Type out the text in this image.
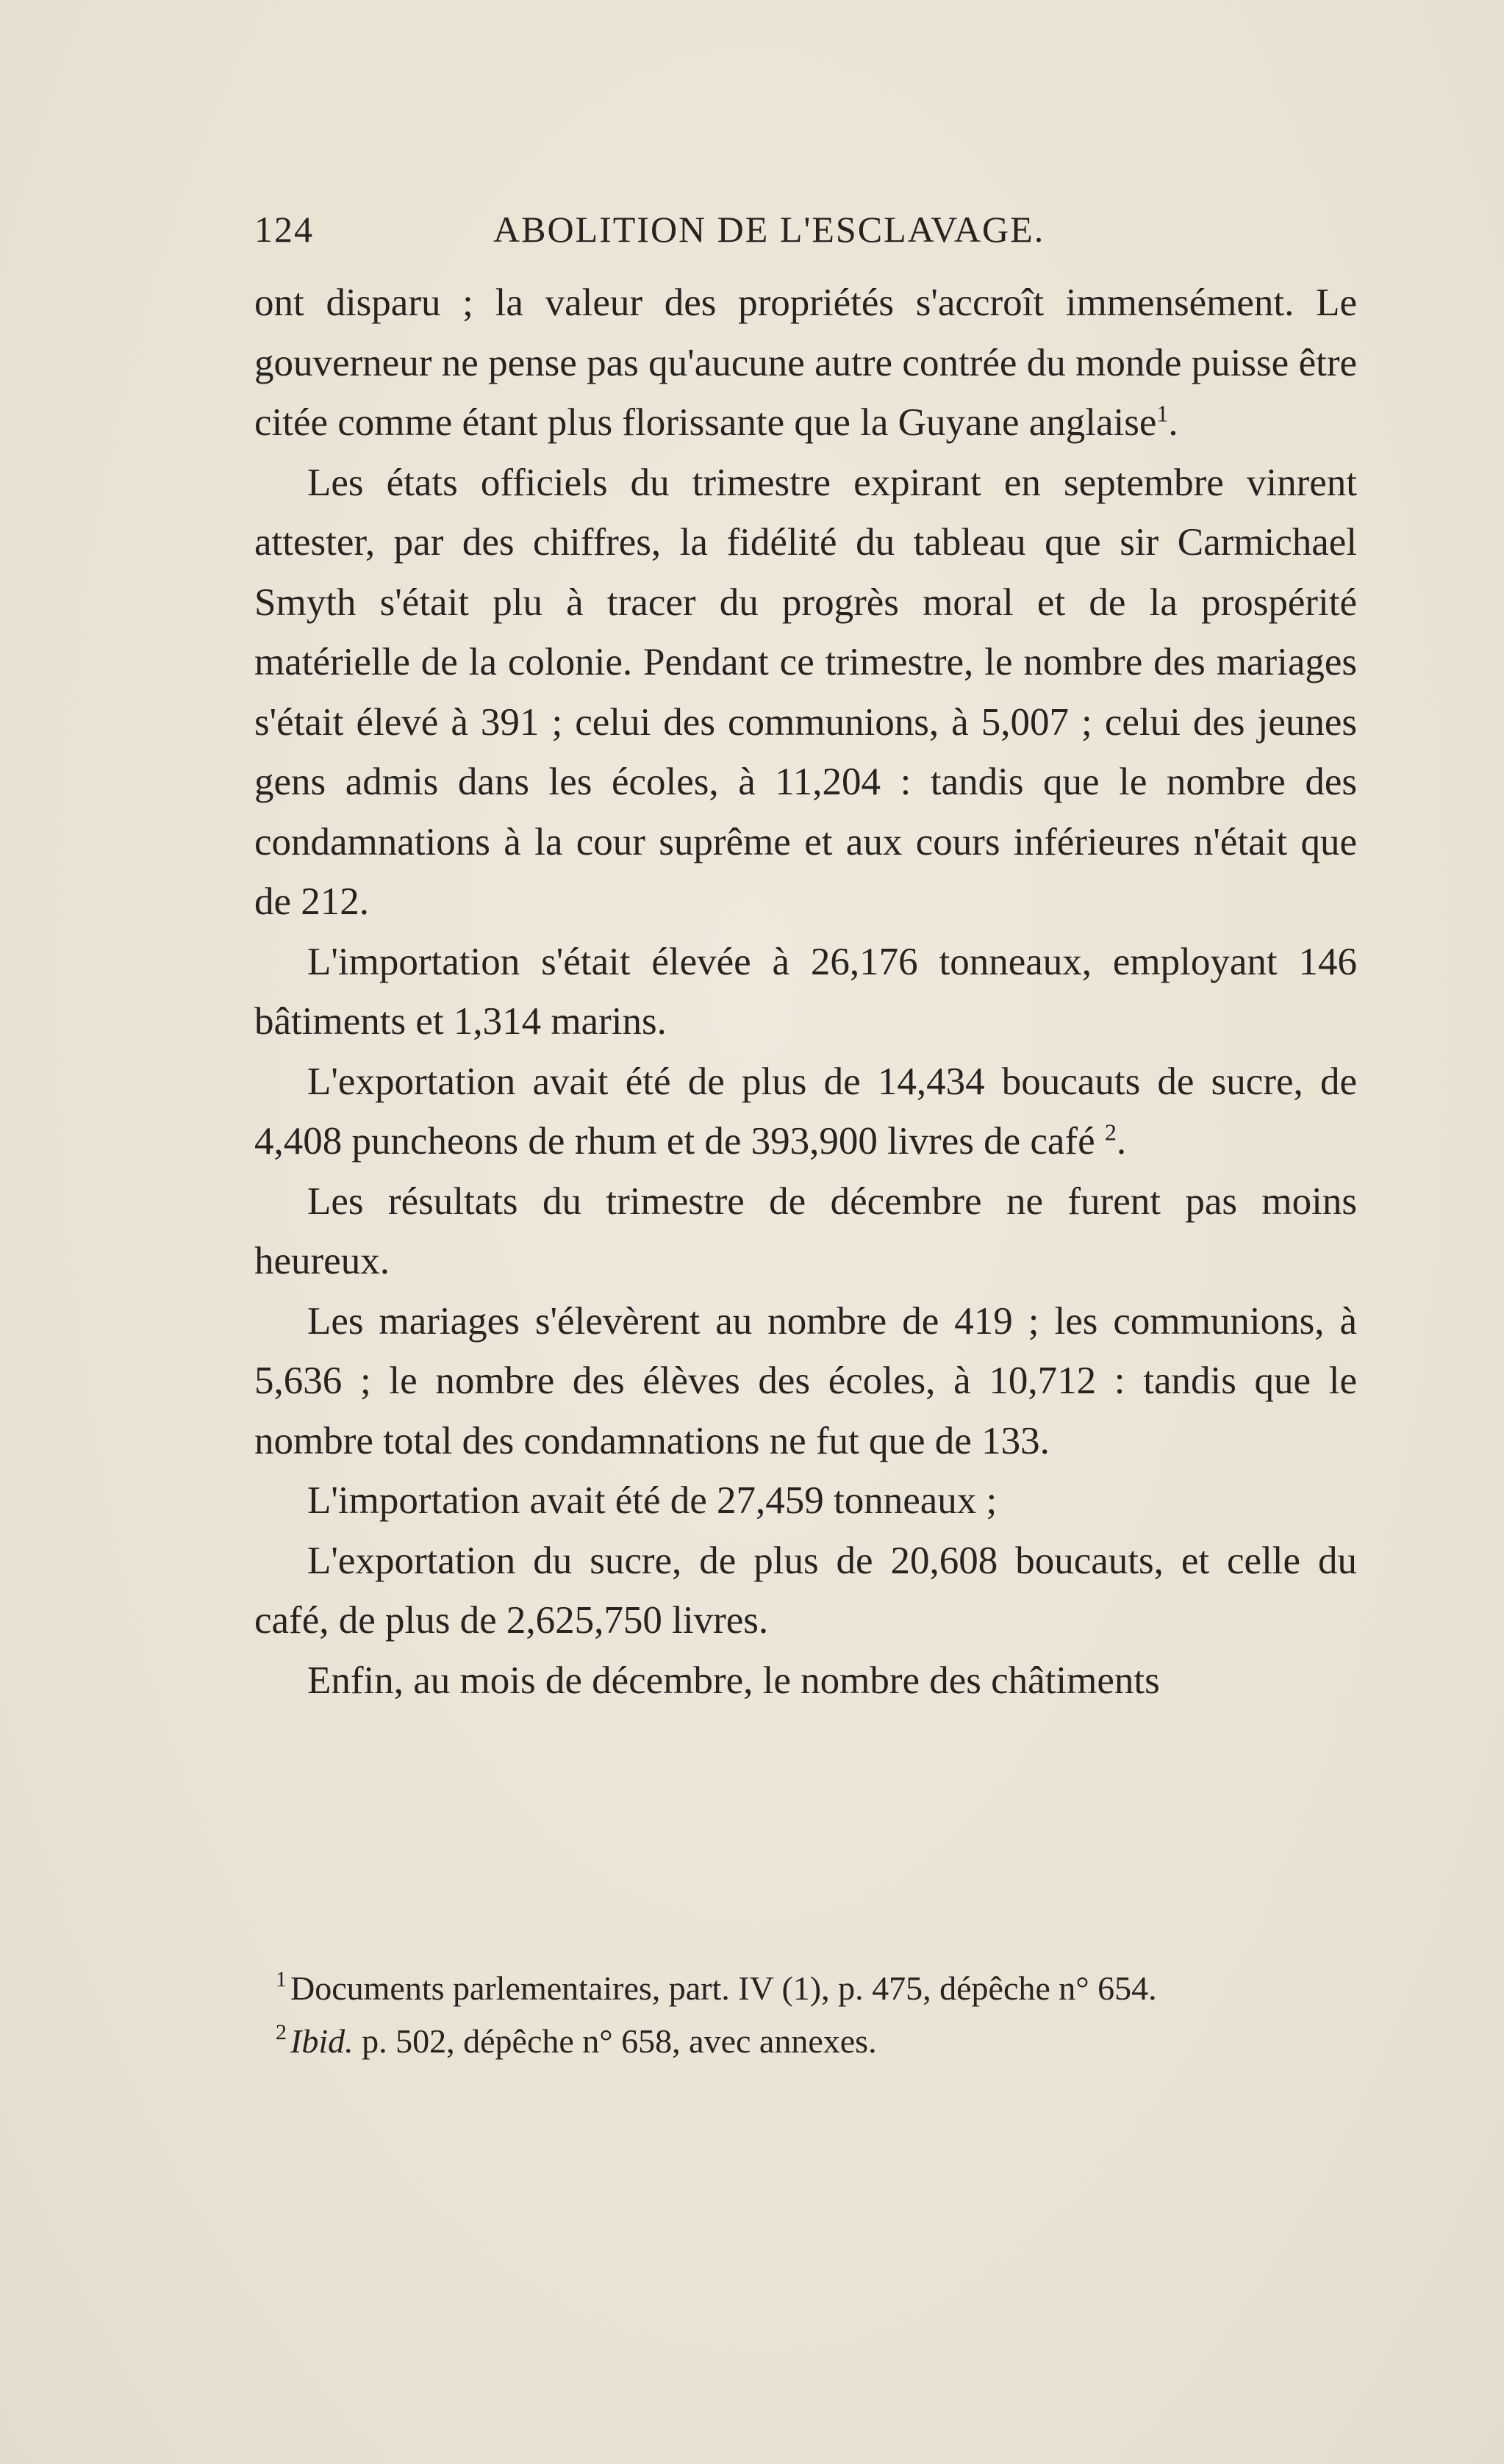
124	ABOLITION DE L'ESCLAVAGE.

ont disparu ; la valeur des propriétés s'accroît immensément. Le gouverneur ne pense pas qu'aucune autre contrée du monde puisse être citée comme étant plus florissante que la Guyane anglaise$^1$.

Les états officiels du trimestre expirant en septembre vinrent attester, par des chiffres, la fidélité du tableau que sir Carmichael Smyth s'était plu à tracer du progrès moral et de la prospérité matérielle de la colonie. Pendant ce trimestre, le nombre des mariages s'était élevé à 391 ; celui des communions, à 5,007 ; celui des jeunes gens admis dans les écoles, à 11,204 : tandis que le nombre des condamnations à la cour suprême et aux cours inférieures n'était que de 212.

L'importation s'était élevée à 26,176 tonneaux, employant 146 bâtiments et 1,314 marins.

L'exportation avait été de plus de 14,434 boucauts de sucre, de 4,408 puncheons de rhum et de 393,900 livres de café $^2$.

Les résultats du trimestre de décembre ne furent pas moins heureux.

Les mariages s'élevèrent au nombre de 419 ; les communions, à 5,636 ; le nombre des élèves des écoles, à 10,712 : tandis que le nombre total des condamnations ne fut que de 133.

L'importation avait été de 27,459 tonneaux ;

L'exportation du sucre, de plus de 20,608 boucauts, et celle du café, de plus de 2,625,750 livres.

Enfin, au mois de décembre, le nombre des châtiments

1 Documents parlementaires, part. IV (1), p. 475, dépêche n° 654.

2 Ibid. p. 502, dépêche n° 658, avec annexes.
